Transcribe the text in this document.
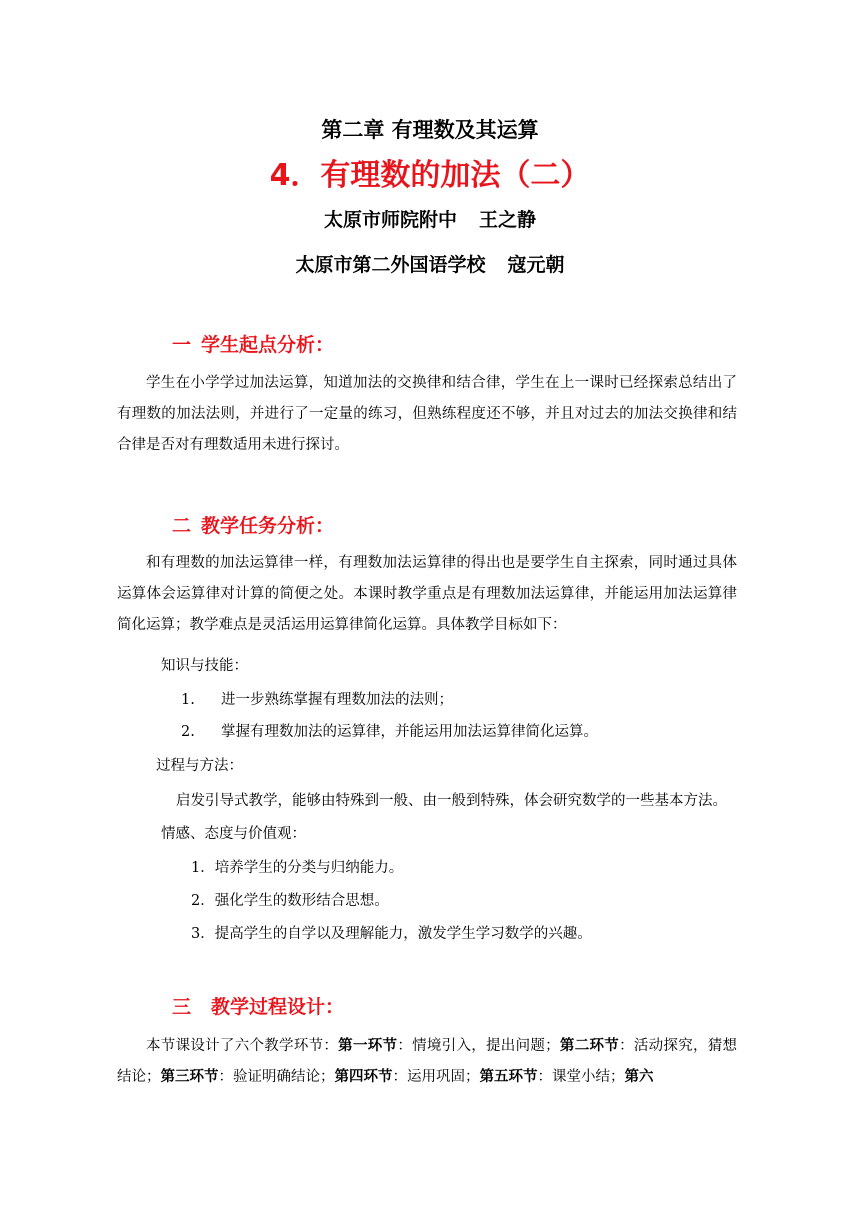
第二章 有理数及其运算
4．有理数的加法（二）
太原市师院附中 王之静
太原市第二外国语学校 寇元朝
一 学生起点分析：

学生在小学学过加法运算，知道加法的交换律和结合律，学生在上一课时已经探索总结出了有理数的加法法则，并进行了一定量的练习，但熟练程度还不够，并且对过去的加法交换律和结合律是否对有理数适用未进行探讨。

二 教学任务分析：

和有理数的加法运算律一样，有理数加法运算律的得出也是要学生自主探索，同时通过具体运算体会运算律对计算的简便之处。本课时教学重点是有理数加法运算律，并能运用加法运算律简化运算；教学难点是灵活运用运算律简化运算。具体教学目标如下：

知识与技能：
1. 进一步熟练掌握有理数加法的法则；
2. 掌握有理数加法的运算律，并能运用加法运算律简化运算。
过程与方法：
启发引导式教学，能够由特殊到一般、由一般到特殊，体会研究数学的一些基本方法。
情感、态度与价值观：
1．培养学生的分类与归纳能力。
2．强化学生的数形结合思想。
3．提高学生的自学以及理解能力，激发学生学习数学的兴趣。
三 教学过程设计：

本节课设计了六个教学环节：第一环节：情境引入，提出问题；第二环节：活动探究，猜想结论；第三环节：验证明确结论；第四环节：运用巩固；第五环节：课堂小结；第六
